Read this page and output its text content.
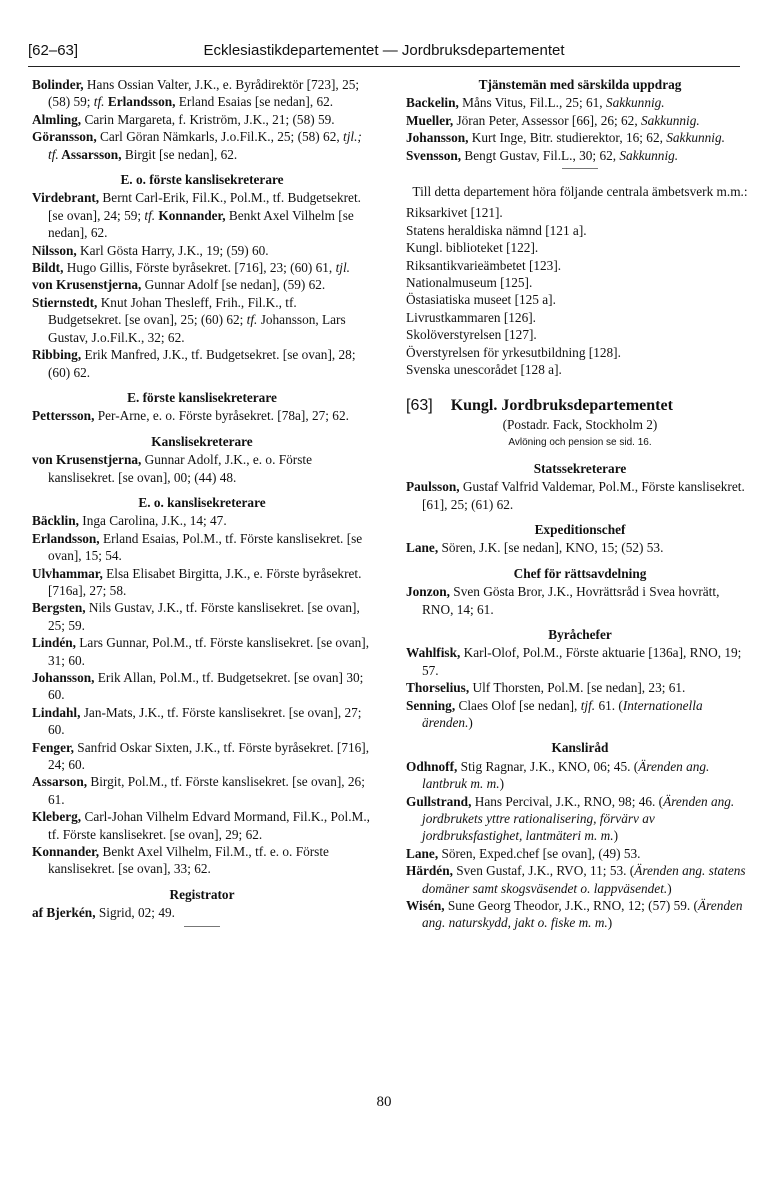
[62–63]	Ecklesiastikdepartementet — Jordbruksdepartementet

Bolinder, Hans Ossian Valter, J.K., e. Byrådirektör [723], 25; (58) 59; tf. Erlandsson, Erland Esaias [se nedan], 62.

Almling, Carin Margareta, f. Kriström, J.K., 21; (58) 59.

Göransson, Carl Göran Nämkarls, J.o.Fil.K., 25; (58) 62, tjl.; tf. Assarsson, Birgit [se nedan], 62.

E. o. förste kanslisekreterare

Virdebrant, Bernt Carl-Erik, Fil.K., Pol.M., tf. Budgetsekret. [se ovan], 24; 59; tf. Konnander, Benkt Axel Vilhelm [se nedan], 62.

Nilsson, Karl Gösta Harry, J.K., 19; (59) 60.

Bildt, Hugo Gillis, Förste byråsekret. [716], 23; (60) 61, tjl.

von Krusenstjerna, Gunnar Adolf [se nedan], (59) 62.

Stiernstedt, Knut Johan Thesleff, Frih., Fil.K., tf. Budgetsekret. [se ovan], 25; (60) 62; tf. Johansson, Lars Gustav, J.o.Fil.K., 32; 62.

Ribbing, Erik Manfred, J.K., tf. Budgetsekret. [se ovan], 28; (60) 62.

E. förste kanslisekreterare

Pettersson, Per-Arne, e. o. Förste byråsekret. [78a], 27; 62.

Kanslisekreterare

von Krusenstjerna, Gunnar Adolf, J.K., e. o. Förste kanslisekret. [se ovan], 00; (44) 48.

E. o. kanslisekreterare

Bäcklin, Inga Carolina, J.K., 14; 47.

Erlandsson, Erland Esaias, Pol.M., tf. Förste kanslisekret. [se ovan], 15; 54.

Ulvhammar, Elsa Elisabet Birgitta, J.K., e. Förste byråsekret. [716a], 27; 58.

Bergsten, Nils Gustav, J.K., tf. Förste kanslisekret. [se ovan], 25; 59.

Lindén, Lars Gunnar, Pol.M., tf. Förste kanslisekret. [se ovan], 31; 60.

Johansson, Erik Allan, Pol.M., tf. Budgetsekret. [se ovan] 30; 60.

Lindahl, Jan-Mats, J.K., tf. Förste kanslisekret. [se ovan], 27; 60.

Fenger, Sanfrid Oskar Sixten, J.K., tf. Förste byråsekret. [716], 24; 60.

Assarson, Birgit, Pol.M., tf. Förste kanslisekret. [se ovan], 26; 61.

Kleberg, Carl-Johan Vilhelm Edvard Mormand, Fil.K., Pol.M., tf. Förste kanslisekret. [se ovan], 29; 62.

Konnander, Benkt Axel Vilhelm, Fil.M., tf. e. o. Förste kanslisekret. [se ovan], 33; 62.

Registrator

af Bjerkén, Sigrid, 02; 49.

Tjänstemän med särskilda uppdrag

Backelin, Måns Vitus, Fil.L., 25; 61, Sakkunnig.

Mueller, Jöran Peter, Assessor [66], 26; 62, Sakkunnig.

Johansson, Kurt Inge, Bitr. studierektor, 16; 62, Sakkunnig.

Svensson, Bengt Gustav, Fil.L., 30; 62, Sakkunnig.

Till detta departement höra följande centrala ämbetsverk m.m.:

Riksarkivet [121].

Statens heraldiska nämnd [121 a].

Kungl. biblioteket [122].

Riksantikvarieämbetet [123].

Nationalmuseum [125].

Östasiatiska museet [125 a].

Livrustkammaren [126].

Skolöverstyrelsen [127].

Överstyrelsen för yrkesutbildning [128].

Svenska unescorådet [128 a].

[63] Kungl. Jordbruksdepartementet

(Postadr. Fack, Stockholm 2)

Avlöning och pension se sid. 16.

Statssekreterare

Paulsson, Gustaf Valfrid Valdemar, Pol.M., Förste kanslisekret. [61], 25; (61) 62.

Expeditionschef

Lane, Sören, J.K. [se nedan], KNO, 15; (52) 53.

Chef för rättsavdelning

Jonzon, Sven Gösta Bror, J.K., Hovrättsråd i Svea hovrätt, RNO, 14; 61.

Byråchefer

Wahlfisk, Karl-Olof, Pol.M., Förste aktuarie [136a], RNO, 19; 57.

Thorselius, Ulf Thorsten, Pol.M. [se nedan], 23; 61.

Senning, Claes Olof [se nedan], tjf. 61. (Internationella ärenden.)

Kansliråd

Odhnoff, Stig Ragnar, J.K., KNO, 06; 45. (Ärenden ang. lantbruk m. m.)

Gullstrand, Hans Percival, J.K., RNO, 98; 46. (Ärenden ang. jordbrukets yttre rationalisering, förvärv av jordbruksfastighet, lantmäteri m. m.)

Lane, Sören, Exped.chef [se ovan], (49) 53.

Härdén, Sven Gustaf, J.K., RVO, 11; 53. (Ärenden ang. statens domäner samt skogsväsendet o. lappväsendet.)

Wisén, Sune Georg Theodor, J.K., RNO, 12; (57) 59. (Ärenden ang. naturskydd, jakt o. fiske m. m.)

80
